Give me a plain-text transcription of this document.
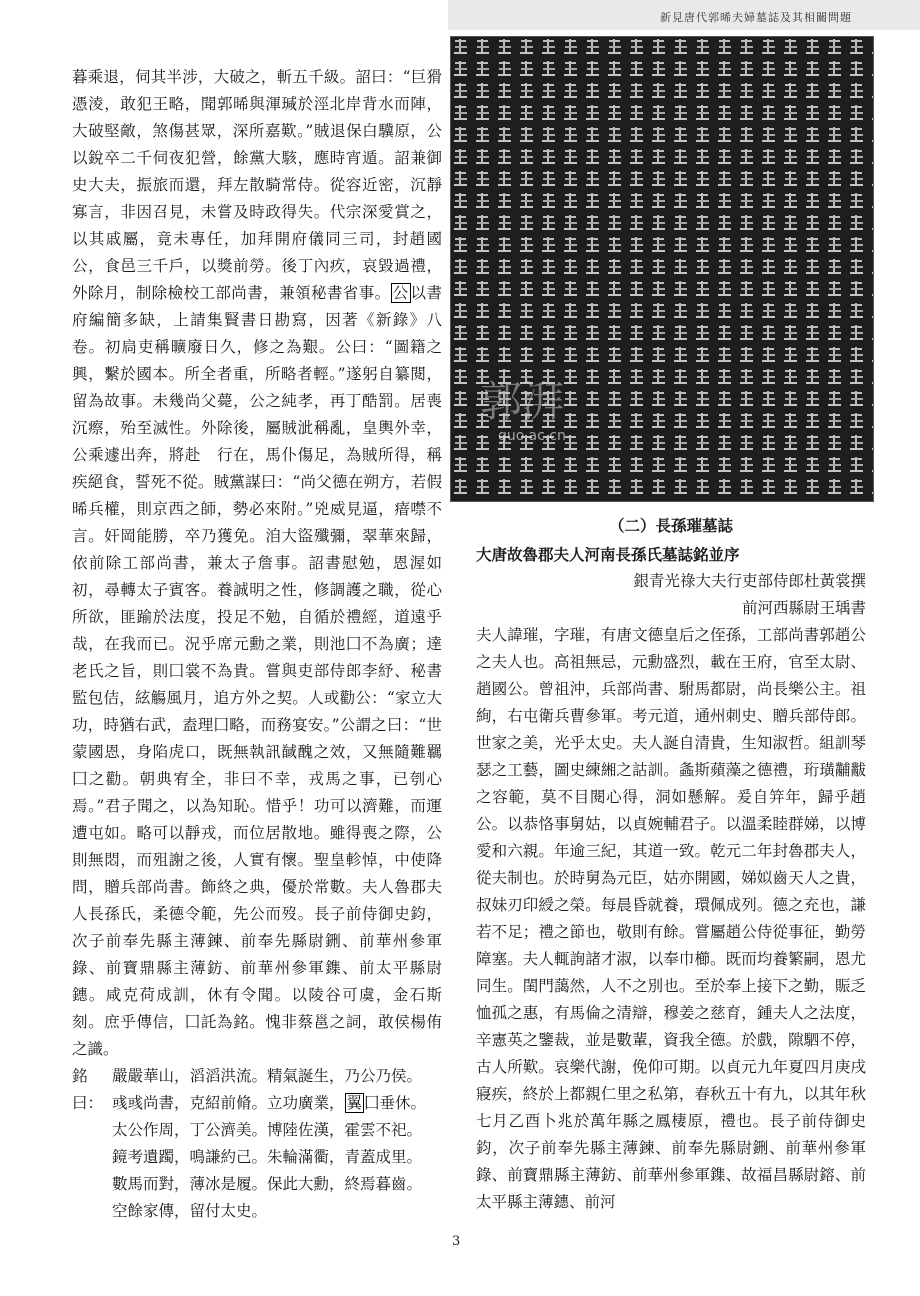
新見唐代郭晞夫婦墓誌及其相關問題
郭湃
guo.ac.cn

暮乘退，伺其半涉，大破之，斬五千級。詔曰：“巨猾憑淩，敢犯王略，聞郭晞與渾瑊於涇北岸背水而陣，大破堅敵，煞傷甚眾，深所嘉歎。”賊退保白驥原，公以銳卒二千伺夜犯營，餘黨大駭，應時宵遁。詔兼御史大夫，振旅而還，拜左散騎常侍。從容近密，沉靜寡言，非因召見，未嘗及時政得失。代宗深愛賞之，以其戚屬，竟未專任，加拜開府儀同三司，封趙國公，食邑三千戶，以獎前勞。後丁內疚，哀毀過禮，外除月，制除檢校工部尚書，兼領秘書省事。 公 以書府編簡多缺，上請集賢書日勘寫，因著《新錄》八卷。初扃吏稱曠廢日久，修之為艱。公曰：“圖籍之興，繫於國本。所全者重，所略者輕。”遂躬自纂閱，留為故事。未幾尚父薨，公之純孝，再丁酷罰。居喪沉瘵，殆至滅性。外除後，屬賊泚稱亂，皇輿外幸，公乘遽出奔，將赴　行在，馬仆傷足，為賊所得，稱疾絕食，誓死不從。賊黨謀曰：“尚父德在朔方，若假晞兵權，則京西之師，勢必來附。”兇威見逼，瘖噤不言。奸岡能勝，卒乃獲免。洎大盜殲彌，翠華來歸，依前除工部尚書，兼太子詹事。詔書慰勉，恩渥如初，尋轉太子賓客。養誠明之性，修調護之職，從心所欲，匪踰於法度，投足不勉，自循於禮經，道遠乎哉，在我而已。況乎席元勳之業，則池囗不為廣；達老氏之旨，則囗裳不為貴。嘗與吏部侍郎李紓、秘書監包佶，絃觴風月，追方外之契。人或勸公：“家立大功，時猶右武，盍理囗略，而務宴安。”公謂之曰：“世蒙國恩，身陷虎口，既無執訊馘醜之效，又無隨難羈囗之勸。朝典宥全，非曰不幸，戎馬之事，已刳心焉。”君子聞之，以為知恥。惜乎！功可以濟難，而運遭屯如。略可以靜戎，而位居散地。雖得喪之際，公則無悶，而殂謝之後，人實有懷。聖皇軫悼，中使降問，贈兵部尚書。飾終之典，優於常數。夫人魯郡夫人長孫氏，柔德令範，先公而歿。長子前侍御史鈞，次子前奉先縣主薄鍊、前奉先縣尉鉶、前華州參軍錄、前寶鼎縣主薄鈁、前華州參軍鏶、前太平縣尉鏸。咸克荷成訓，休有令聞。以陵谷可虞，金石斯刻。庶乎傳信，囗託為銘。愧非蔡邕之詞，敢侯楊侑之識。

銘曰：
嚴嚴華山，滔滔洪流。精氣誕生，乃公乃侯。
彧彧尚書，克紹前脩。立功廣業， 翼 囗垂休。
太公作周，丁公濟美。博陸佐漢，霍雲不祀。
鏡考遺躅，鳴謙約己。朱輪滿衢，青蓋成里。
數馬而對，薄冰是履。保此大勳，終焉暮齒。
空餘家傳，留付太史。
（二）長孫璀墓誌

大唐故魯郡夫人河南長孫氏墓誌銘並序

銀青光祿大夫行吏部侍郎杜黃裳撰

前河西縣尉王瑀書

夫人諱璀，字璀，有唐文德皇后之侄孫，工部尚書郭趙公之夫人也。高祖無忌，元勳盛烈，載在王府，官至太尉、趙國公。曾祖沖，兵部尚書、駙馬都尉，尚長樂公主。祖絢，右屯衛兵曹參軍。考元道，通州刺史、贈兵部侍郎。世家之美，光乎太史。夫人誕自清貴，生知淑哲。組訓琴瑟之工藝，圖史練緗之詁訓。螽斯蘋藻之德禮，珩璜黼黻之容範，莫不目閱心得，洞如懸解。爰自笄年，歸乎趙公。以恭恪事舅姑，以貞婉輔君子。以溫柔睦群娣，以博愛和六親。年逾三紀，其道一致。乾元二年封魯郡夫人，從夫制也。於時舅為元臣，姑亦開國，娣姒齒天人之貴，叔妹刃印綬之榮。每晨昏就養，環佩成列。德之充也，謙若不足；禮之節也，敬則有餘。嘗屬趙公侍從事征，勤勞障塞。夫人輒詢諸才淑，以奉巾櫛。既而均養繁嗣，恩尤同生。閨門藹然，人不之別也。至於奉上接下之勤，賑乏恤孤之惠，有馬倫之清辯，穆姜之慈育，鍾夫人之法度，辛憲英之鑒裁，並是數輩，資我全德。於戲，隙駟不停，古人所歎。哀樂代謝，俛仰可期。以貞元九年夏四月庚戌寢疾，終於上都親仁里之私第，春秋五十有九，以其年秋七月乙酉卜兆於萬年縣之鳳棲原，禮也。長子前侍御史鈞，次子前奉先縣主薄鍊、前奉先縣尉鉶、前華州參軍錄、前寶鼎縣主薄鈁、前華州參軍鏶、故福昌縣尉鎔、前太平縣主薄鏸、前河

3
